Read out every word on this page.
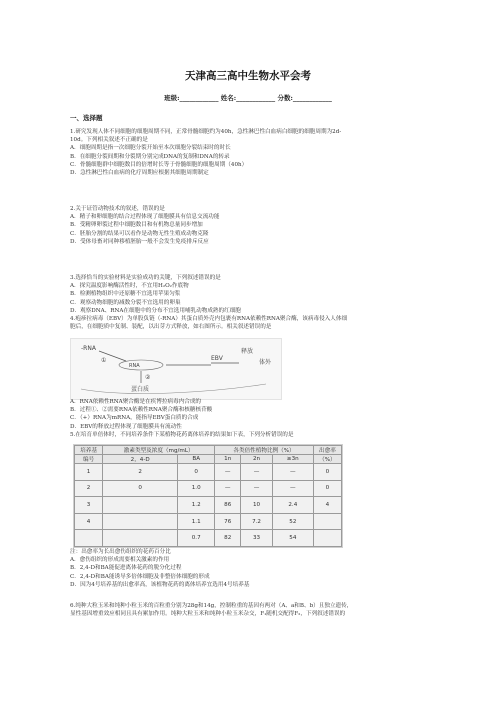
天津高三高中生物水平会考
班级:____________ 姓名:____________ 分数:____________
一、选择题

1.研究发现人体不同细胞的细胞周期不同，正常骨髓细胞约为40h，急性淋巴性白血病白细胞的细胞周期为2d-

10d。下列相关叙述不正确的是

A．细胞周期是指一次细胞分裂开始至本次细胞分裂结束时的时长

B．在细胞分裂间期和分裂期分别完成DNA的复制和DNA的转录

C．骨髓细胞群中细胞数目的倍增时长等于骨髓细胞的细胞周期（40h）

D．急性淋巴性白血病的化疗周期应根据其细胞周期制定

2.关于证管动物技术的叙述，错误的是

A．精子和卵细胞的结合过程体现了细胞膜具有信息交流功能

B．受精卵卵裂过程中细胞数目和有机物总量同步增加

C．胚胎分割的结果可以看作是动物无性生殖成动物克隆

D．受体母畜对同种移植胚胎一般不会发生免疫排斥反应

3.选择恰当的实验材料是实验成功的关键，下列叙述错误的是

A．探究温度影响酶活性时，不宜用H₂O₂作底物

B．检测植物组织中还原糖不宜选用苹果匀浆

C．观察动物细胞的减数分裂不宜选用的卵巢

D．观察DNA、RNA在细胞中的分布不宜选用哺乳动物成熟的红细胞

4.疱疹拉病毒（EBV）为单股负链（-RNA）其蛋白质外壳内包裹有RNA依赖性RNA聚合酶，该病毒侵入人体细

胞后，在细胞质中复制、装配，以出芽方式释放，如右图所示。相关叙述错误的是

-RNA
①
RNA
②
蛋白质
EBV
释放
体外

A．RNA依赖性RNA聚合酶是在疾博拉病毒内合成的

B．过程①、②需要RNA依赖性RNA聚合酶和核糖核苷酸

C．（+）RNA为mRNA，能指导EBV蛋白质的合成

D．EBV的释放过程体现了细胞膜具有流动性

5.在培育单倍体时，不同培养条件下某植物花药离体培养的结果如下表，下列分析错误的是

培养基	激素类型及浓度（mg/mL）		各类倍性植物比例（%）			出愈率
编号	2，4-D	BA	1n	2n	≥3n	（%）
1	2	0	—	—	—	0
2	0	1.0	—	—	—	0
3		1.2	86	10	2.4	4
4		1.1	76	7.2	52	
		0.7	82	33	54	

注：出愈率为长出愈伤组织的花药百分比

A．愈伤组织的形成需要相关激素的作用

B．2,4-D和BA能促进离体花药的脱分化过程

C．2,4-D和BA能诱导多倍体细胞及非整倍体细胞的形成

D．因为4号培养基的出愈率高，该植物花药的离体培养宜选用4号培养基

6.纯种大粒玉米和纯种小粒玉米的百粒重分别为28g和14g，控制粒重的基因有两对（A、a和B、b）且独立遗传，

显性基因增重效应相同且具有累加作用。纯种大粒玉米和纯种小粒玉米杂交，F₁随机交配得F₂，下列叙述错误的
